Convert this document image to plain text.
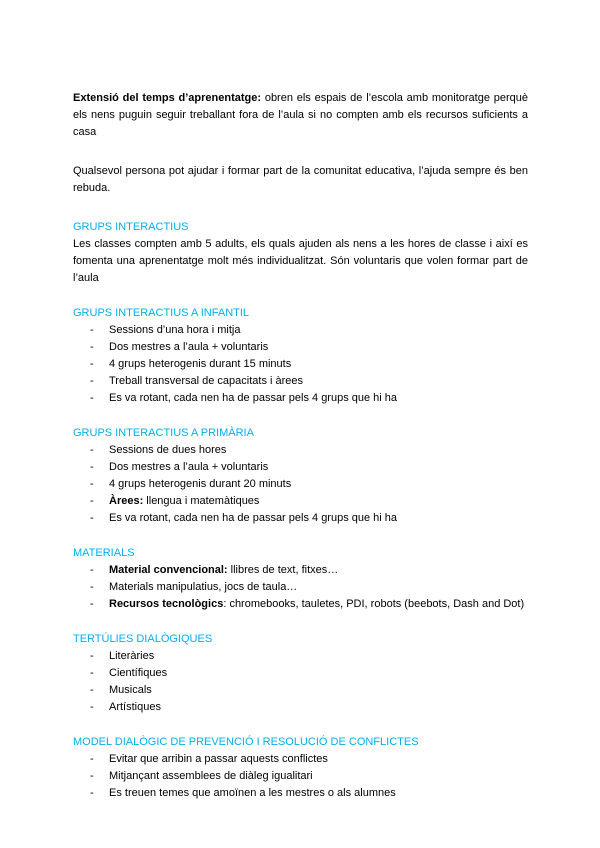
Extensió del temps d’aprenentatge: obren els espais de l’escola amb monitoratge perquè els nens puguin seguir treballant fora de l’aula si no compten amb els recursos suficients a casa

Qualsevol persona pot ajudar i formar part de la comunitat educativa, l’ajuda sempre és ben rebuda.

GRUPS INTERACTIUS

Les classes compten amb 5 adults, els quals ajuden als nens a les hores de classe i així es fomenta una aprenentatge molt més individualitzat. Són voluntaris que volen formar part de l’aula

GRUPS INTERACTIUS A INFANTIL

- Sessions d’una hora i mitja
- Dos mestres a l’aula + voluntaris
- 4 grups heterogenis durant 15 minuts
- Treball transversal de capacitats i àrees
- Es va rotant, cada nen ha de passar pels 4 grups que hi ha

GRUPS INTERACTIUS A PRIMÀRIA

- Sessions de dues hores
- Dos mestres a l’aula + voluntaris
- 4 grups heterogenis durant 20 minuts
- Àrees: llengua i matemàtiques
- Es va rotant, cada nen ha de passar pels 4 grups que hi ha

MATERIALS

- Material convencional: llibres de text, fitxes…
- Materials manipulatius, jocs de taula…
- Recursos tecnològics: chromebooks, tauletes, PDI, robots (beebots, Dash and Dot)

TERTÚLIES DIALÒGIQUES

- Literàries
- Científiques
- Musicals
- Artístiques

MODEL DIALÒGIC DE PREVENCIÓ I RESOLUCIÓ DE CONFLICTES

- Evitar que arribin a passar aquests conflictes
- Mitjançant assemblees de diàleg igualitari
- Es treuen temes que amoïnen a les mestres o als alumnes
